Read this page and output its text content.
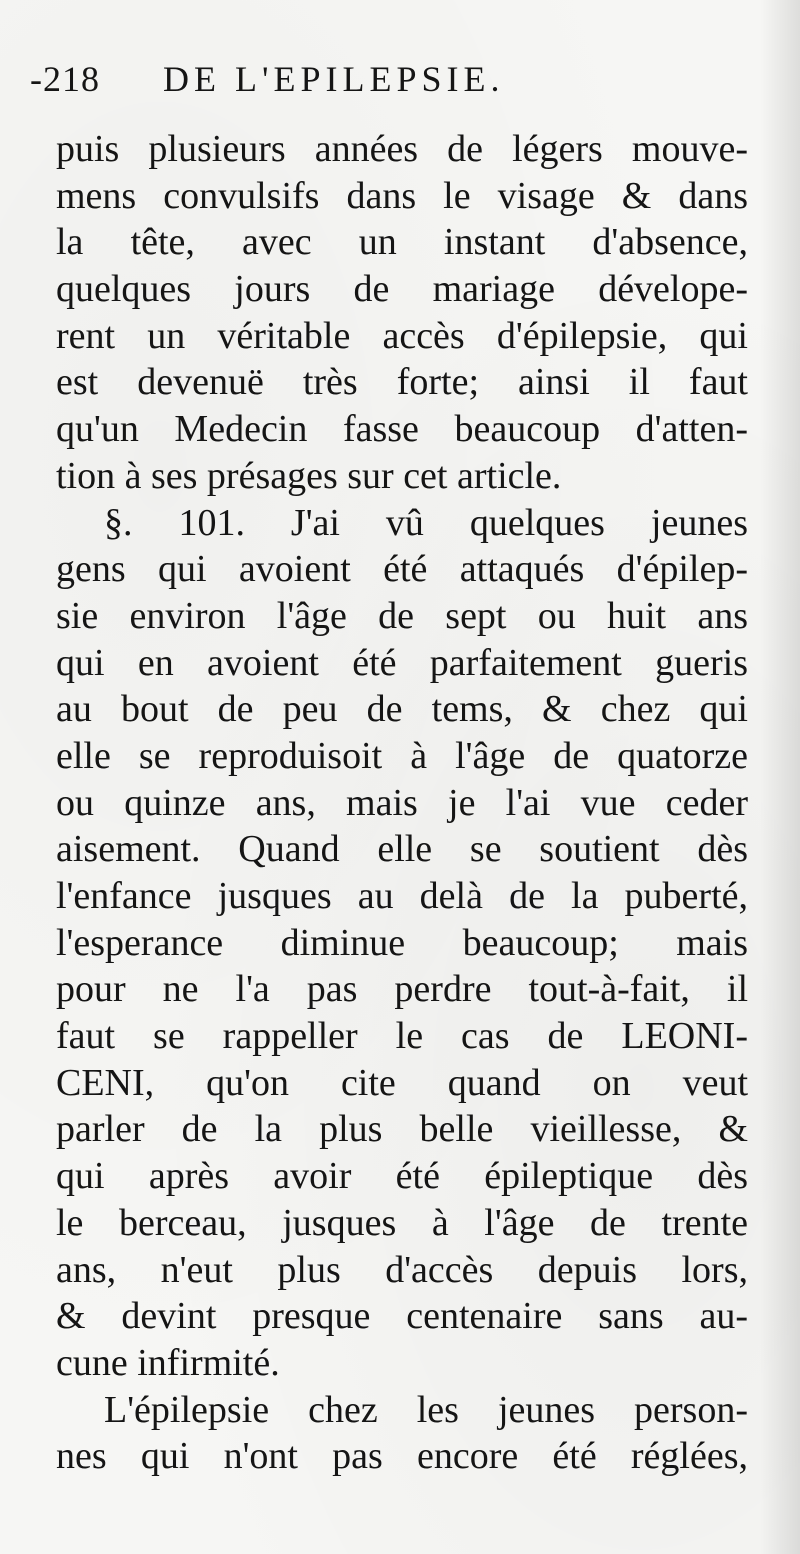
-218 DE L'EPILEPSIE.
puis plusieurs années de légers mouve-
mens convulsifs dans le visage & dans
la tête, avec un instant d'absence,
quelques jours de mariage dévelope-
rent un véritable accès d'épilepsie, qui
est devenuë très forte; ainsi il faut
qu'un Medecin fasse beaucoup d'atten-
tion à ses présages sur cet article.
§. 101. J'ai vû quelques jeunes
gens qui avoient été attaqués d'épilep-
sie environ l'âge de sept ou huit ans
qui en avoient été parfaitement gueris
au bout de peu de tems, & chez qui
elle se reproduisoit à l'âge de quatorze
ou quinze ans, mais je l'ai vue ceder
aisement. Quand elle se soutient dès
l'enfance jusques au delà de la puberté,
l'esperance diminue beaucoup; mais
pour ne l'a pas perdre tout-à-fait, il
faut se rappeller le cas de LEONI-
CENI, qu'on cite quand on veut
parler de la plus belle vieillesse, &
qui après avoir été épileptique dès
le berceau, jusques à l'âge de trente
ans, n'eut plus d'accès depuis lors,
& devint presque centenaire sans au-
cune infirmité.
L'épilepsie chez les jeunes person-
nes qui n'ont pas encore été réglées,
